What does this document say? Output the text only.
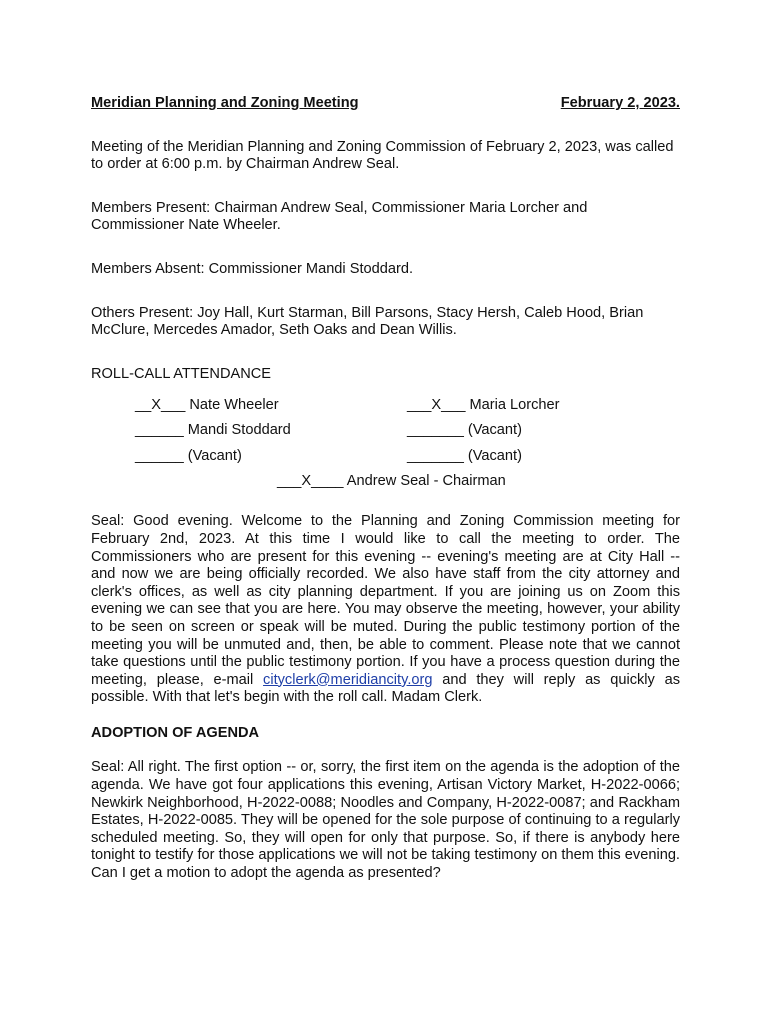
Meridian Planning and Zoning Meeting	February 2, 2023.

Meeting of the Meridian Planning and Zoning Commission of February 2, 2023, was called to order at 6:00 p.m. by Chairman Andrew Seal.

Members Present: Chairman Andrew Seal, Commissioner Maria Lorcher and Commissioner Nate Wheeler.

Members Absent: Commissioner Mandi Stoddard.

Others Present: Joy Hall, Kurt Starman, Bill Parsons, Stacy Hersh, Caleb Hood, Brian McClure, Mercedes Amador, Seth Oaks and Dean Willis.

ROLL-CALL ATTENDANCE

__X___ Nate Wheeler	___X___ Maria Lorcher
______ Mandi Stoddard	_______ (Vacant)
______ (Vacant)	_______ (Vacant)
___X____ Andrew Seal - Chairman

Seal: Good evening. Welcome to the Planning and Zoning Commission meeting for February 2nd, 2023. At this time I would like to call the meeting to order. The Commissioners who are present for this evening -- evening's meeting are at City Hall -- and now we are being officially recorded. We also have staff from the city attorney and clerk's offices, as well as city planning department. If you are joining us on Zoom this evening we can see that you are here. You may observe the meeting, however, your ability to be seen on screen or speak will be muted. During the public testimony portion of the meeting you will be unmuted and, then, be able to comment. Please note that we cannot take questions until the public testimony portion. If you have a process question during the meeting, please, e-mail cityclerk@meridiancity.org and they will reply as quickly as possible. With that let's begin with the roll call. Madam Clerk.

ADOPTION OF AGENDA

Seal: All right. The first option -- or, sorry, the first item on the agenda is the adoption of the agenda. We have got four applications this evening, Artisan Victory Market, H-2022-0066; Newkirk Neighborhood, H-2022-0088; Noodles and Company, H-2022-0087; and Rackham Estates, H-2022-0085. They will be opened for the sole purpose of continuing to a regularly scheduled meeting. So, they will open for only that purpose. So, if there is anybody here tonight to testify for those applications we will not be taking testimony on them this evening. Can I get a motion to adopt the agenda as presented?
